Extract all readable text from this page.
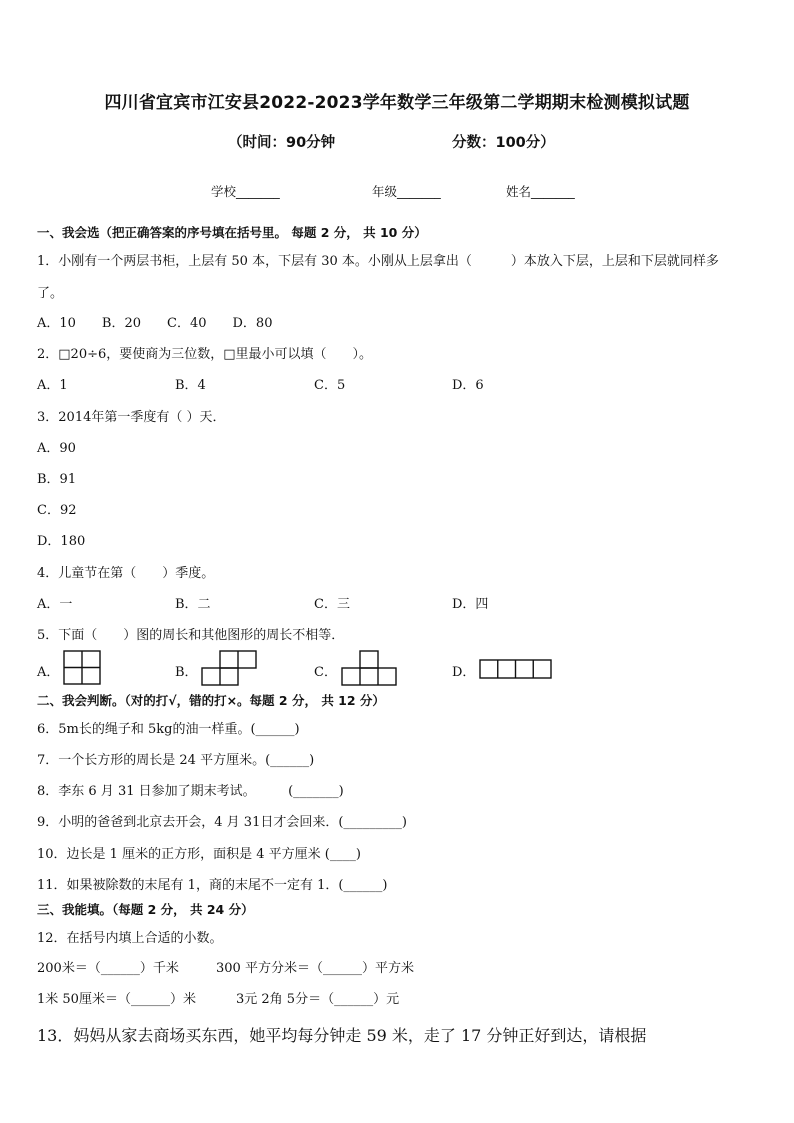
四川省宜宾市江安县2022-2023学年数学三年级第二学期期末检测模拟试题
（时间：90分钟	分数：100分）
学校_______	年级_______	姓名_______
一、我会选（把正确答案的序号填在括号里。 每题 2 分， 共 10 分）
1．小刚有一个两层书柜，上层有 50 本，下层有 30 本。小刚从上层拿出（　　　）本放入下层，上层和下层就同样多
了。
A．10　　B．20　　C．40　　D．80
2．□20÷6，要使商为三位数，□里最小可以填（　　）。
A．1	B．4	C．5	D．6
3．2014年第一季度有（ ）天．
A．90
B．91
C．92
D．180
4．儿童节在第（　　）季度。
A．一	B．二	C．三	D．四
5．下面（　　）图的周长和其他图形的周长不相等．
A．	B．	C．	D．
二、我会判断。（对的打√，错的打×。每题 2 分， 共 12 分）
6．5m长的绳子和 5kg的油一样重。(______)
7．一个长方形的周长是 24 平方厘米。(______)
8．李东 6 月 31 日参加了期末考试。　　　(_______)
9．小明的爸爸到北京去开会，4 月 31日才会回来．(_________)
10．边长是 1 厘米的正方形，面积是 4 平方厘米 (____)
11．如果被除数的末尾有 1，商的末尾不一定有 1．(______)
三、我能填。（每题 2 分， 共 24 分）
12．在括号内填上合适的小数。
200米＝（______）千米	300 平方分米＝（______）平方米
1米 50厘米＝（______）米	3元 2角 5分＝（______）元
13．妈妈从家去商场买东西，她平均每分钟走 59 米，走了 17 分钟正好到达，请根据
